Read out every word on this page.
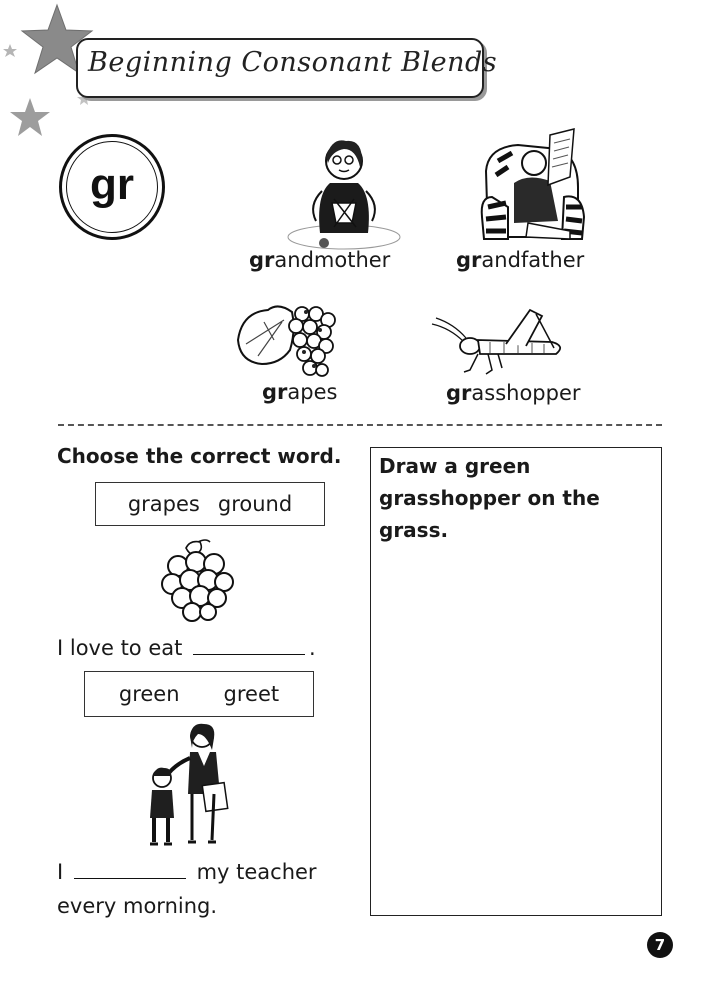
Beginning Consonant Blends
gr
grandmother	grandfather
grapes	grasshopper
Choose the correct word.
grapes ground
I love to eat	.
green greet
I	my teacher
every morning.
Draw a green grasshopper on the grass.
7
